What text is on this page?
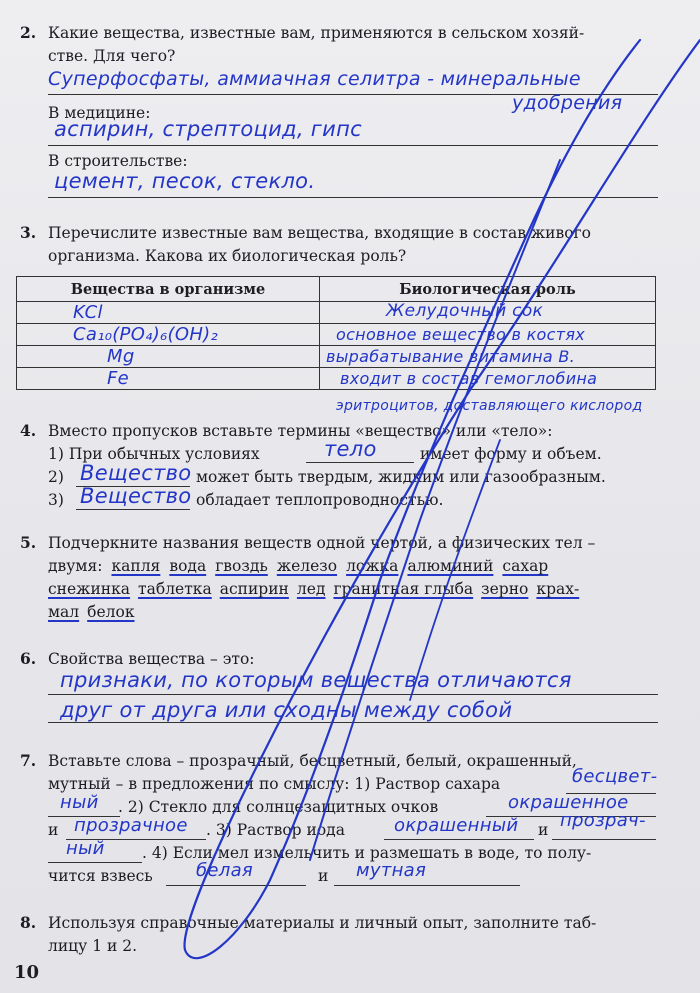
2. Какие вещества, известные вам, применяются в сельском хозяй-
стве. Для чего?
Суперфосфаты, аммиачная селитра - минеральные
удобрения
В медицине:
аспирин, стрептоцид, гипс
В строительстве:
цемент, песок, стекло.
3. Перечислите известные вам вещества, входящие в состав живого
организма. Какова их биологическая роль?
Вещества в организме	Биологическая роль
KCl	Желудочный сок
Ca₁₀(PO₄)₆(OH)₂	основное вещество в костях
Mg	вырабатывание витамина В.
Fe	входит в состав гемоглобина
эритроцитов, доставляющего кислород
4. Вместо пропусков вставьте термины «вещество» или «тело»:
1) При обычных условиях	тело	имеет форму и объем.
2) Вещество может быть твердым, жидким или газообразным.
3) Вещество обладает теплопроводностью.
5. Подчеркните названия веществ одной чертой, а физических тел –
двумя: капля вода гвоздь железо ложка алюминий сахар
снежинка таблетка аспирин лед гранитная глыба зерно крах-
мал белок
6. Свойства вещества – это:
признаки, по которым вещества отличаются
друг от друга или сходны между собой
7. Вставьте слова – прозрачный, бесцветный, белый, окрашенный,
мутный – в предложения по смыслу: 1) Раствор сахара	бесцвет-
ный . 2) Стекло для солнцезащитных очков	окрашенное
и прозрачное . 3) Раствор иода	окрашенный и прозрач-
ный . 4) Если мел измельчить и размешать в воде, то полу-
чится взвесь белая	и мутная
8. Используя справочные материалы и личный опыт, заполните таб-
лицу 1 и 2.
10
